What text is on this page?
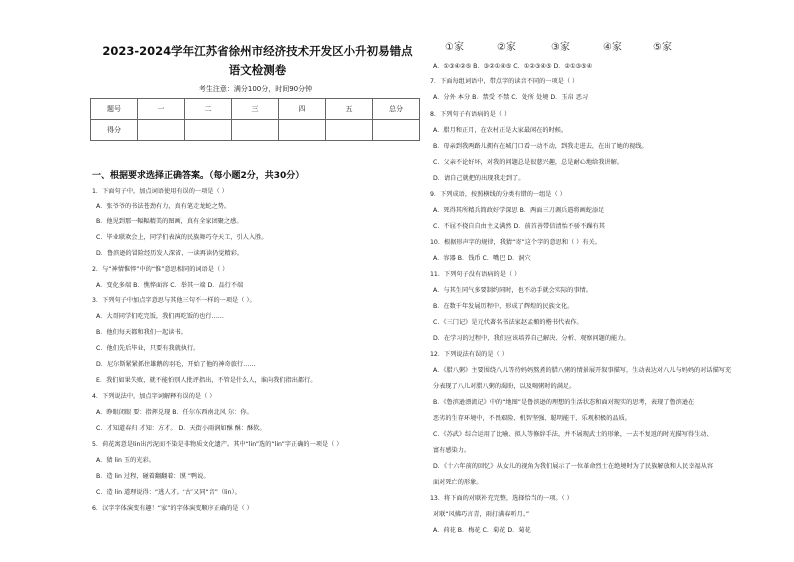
2023-2024学年江苏省徐州市经济技术开发区小升初易错点
语文检测卷
考生注意：满分100分，时间90分钟
题号	一	二	三	四	五	总分
得分						
一、根据要求选择正确答案。（每小题2分，共30分）
1．下面句子中，加点词语使用有误的一项是（ ）
A．张爷爷的书法苍劲有力，真有笔走龙蛇之势。
B．他见到那一幅幅精美的图画，真有全家团聚之感。
C．毕业联欢会上，同学们表演的民族舞巧夺天工，引人入胜。
D．鲁滨逊的冒险经历发人深省，一读再读仍觉精彩。
2．与“神情惟悴”中的“惟”意思相同的词语是（ ）
A．变化多端 B．憔悴面容 C．举其一端 D．品行不端
3．下列句子中加点字意思与其他三句不一样的一项是（ ）。
A．大哥同学们吃完饭，我们再吃饭的也行……
B．他们每天都和我们一起读书。
C．他们先后毕业，只要有我就执行。
D．尼尔斯紧紧抓住雄鹅的羽毛，开始了他的神奇旅行……
E．我们如果失败，就不能怕别人批评指出，不管是什么人，谁向我们指出都行。
4．下列说法中，加点字词解释有误的是（ ）
A．睁眼闭眼 要：指挥兑现 B．任尔东西南北风 尔：你。
C．才知道春归 才知：方才。 D．天街小雨润如酥 酥：酥软。
5．荷花寓意是lin出污泥而不染是非物质文化遗产。其中“lin”选的“lin”字正确的一项是（ ）
A．猜 lin 玉的光彩。
B．造 lin 过程，碰着翻翻着：馍 ”鸭说。
C．造 lin 道理说得：“逃人才。‘古’又同“音”（lin）。
6．汉字字体演变有趣！“家”的字体演变顺序正确的是（ ）
①家	②家	③家	④家	⑤家
A．①③④②⑤ B．③②①④⑤ C．①②③④⑤ D．②①③⑤④
7．下面每组词语中，带点字的读音不同的一项是（ ）
A．分外 本分 B．禁受 不禁 C．处所 处境 D．玉帛 恶习
8．下列句子有语病的是（ ）
A．腊月和正月，在农村正是大家最闲在的时候。
B．母亲到我两路儿拥有在城门口看一动不动，到我走进去，在出了她的视线。
C．父亲不论好坏，对我的问题总是很慈兴趣，总是耐心地给我讲解。
D．请自己就把的出现我走到了。
9．下列成语，按照横线的分类有错的一组是（ ）
A．死得其所精兵简政好学深思 B．两面三刀调兵遣将画蛇添足
C．不屈不挠自自由主义满然 D．前首善带信清怡不骄不躁有其
10．根据形声字的规律，我猜“寄”这个字的意思和（ ）有关。
A．容器 B．钱币 C．嘴巴 D．洞穴
11．下列句子没有语病的是（ ）
A．与其生同气多要制约同时，也不动手就会实际的事情。
B．在数千年发展历程中，形成了辉煌的民族文化。
C．《三门记》是元代著名书法家赵孟頫的楷书代表作。
D．在学习的过程中，我们应该培养自己解决、分析、观察问题的能力。
12．下列说法有误的是（ ）
A．《腊八粥》主要围绕八儿等待妈妈熬煮的腊八粥的情景展开叙事描写，生动表达对八儿与妈妈的对话描写充
分表现了八儿对腊八粥的渴盼，以及喝粥时的满足。
B．《鲁滨逊漂流记》中的“地图”是鲁滨逊的理想的生活状态和面对现实的思考，表现了鲁滨逊在
恶劣的生存环境中，不畏艰险、机智坚强、聪明能干、乐观积极的品质。
C．《苏武》综合运用了比喻、拟人等修辞手法，并不展现武士的形象，一去不复返的时光描写得生动、
富有感染力。
D．《十六年前的回忆》从女儿的视角为我们展示了一位革命烈士在绝境时为了民族解放和人民幸福从容
面对死亡的形象。
13．将下面的对联补充完整，选择恰当的一项。（ ）
对联“风拂巧言青，雨打满春听月。”
A．荷花 B．梅花 C．菊花 D．菊花
